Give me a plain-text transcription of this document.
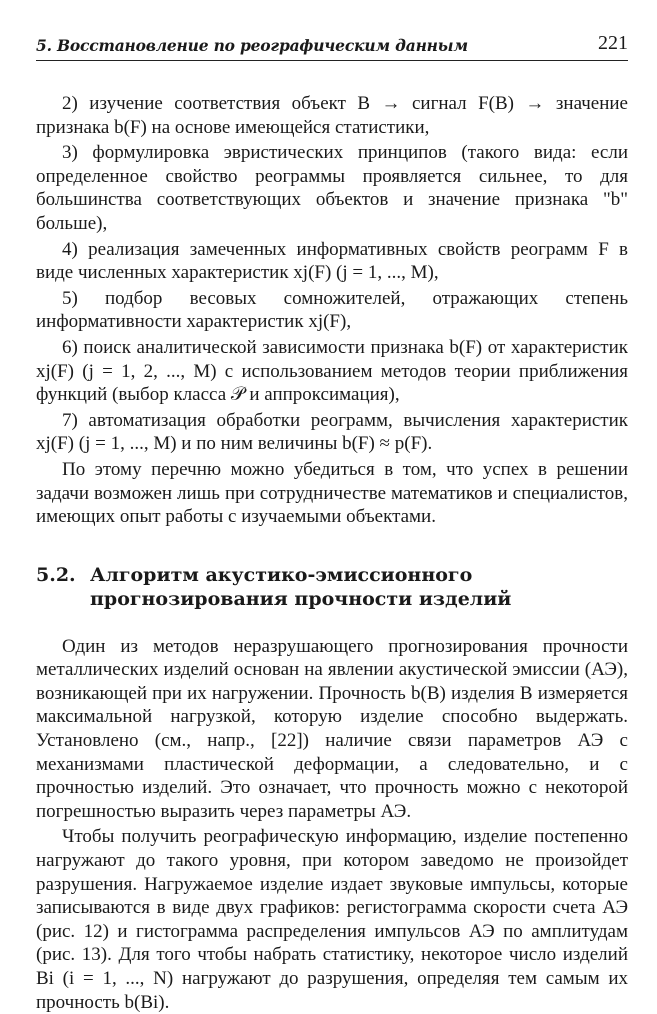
5. Восстановление по реографическим данным	221

2) изучение соответствия объект B → сигнал F(B) → значение признака b(F) на основе имеющейся статистики,

3) формулировка эвристических принципов (такого вида: если определенное свойство реограммы проявляется сильнее, то для большинства соответствующих объектов и значение признака "b" больше),

4) реализация замеченных информативных свойств реограмм F в виде численных характеристик xj(F) (j = 1, ..., M),

5) подбор весовых сомножителей, отражающих степень информативности характеристик xj(F),

6) поиск аналитической зависимости признака b(F) от характеристик xj(F) (j = 1, 2, ..., M) с использованием методов теории приближения функций (выбор класса 𝒫 и аппроксимация),

7) автоматизация обработки реограмм, вычисления характеристик xj(F) (j = 1, ..., M) и по ним величины b(F) ≈ p(F).

По этому перечню можно убедиться в том, что успех в решении задачи возможен лишь при сотрудничестве математиков и специалистов, имеющих опыт работы с изучаемыми объектами.

5.2. Алгоритм акустико-эмиссионного прогнозирования прочности изделий

Один из методов неразрушающего прогнозирования прочности металлических изделий основан на явлении акустической эмиссии (АЭ), возникающей при их нагружении. Прочность b(B) изделия B измеряется максимальной нагрузкой, которую изделие способно выдержать. Установлено (см., напр., [22]) наличие связи параметров АЭ с механизмами пластической деформации, а следовательно, и с прочностью изделий. Это означает, что прочность можно с некоторой погрешностью выразить через параметры АЭ.

Чтобы получить реографическую информацию, изделие постепенно нагружают до такого уровня, при котором заведомо не произойдет разрушения. Нагружаемое изделие издает звуковые импульсы, которые записываются в виде двух графиков: регистограмма скорости счета АЭ (рис. 12) и гистограмма распределения импульсов АЭ по амплитудам (рис. 13). Для того чтобы набрать статистику, некоторое число изделий Bi (i = 1, ..., N) нагружают до разрушения, определяя тем самым их прочность b(Bi).
